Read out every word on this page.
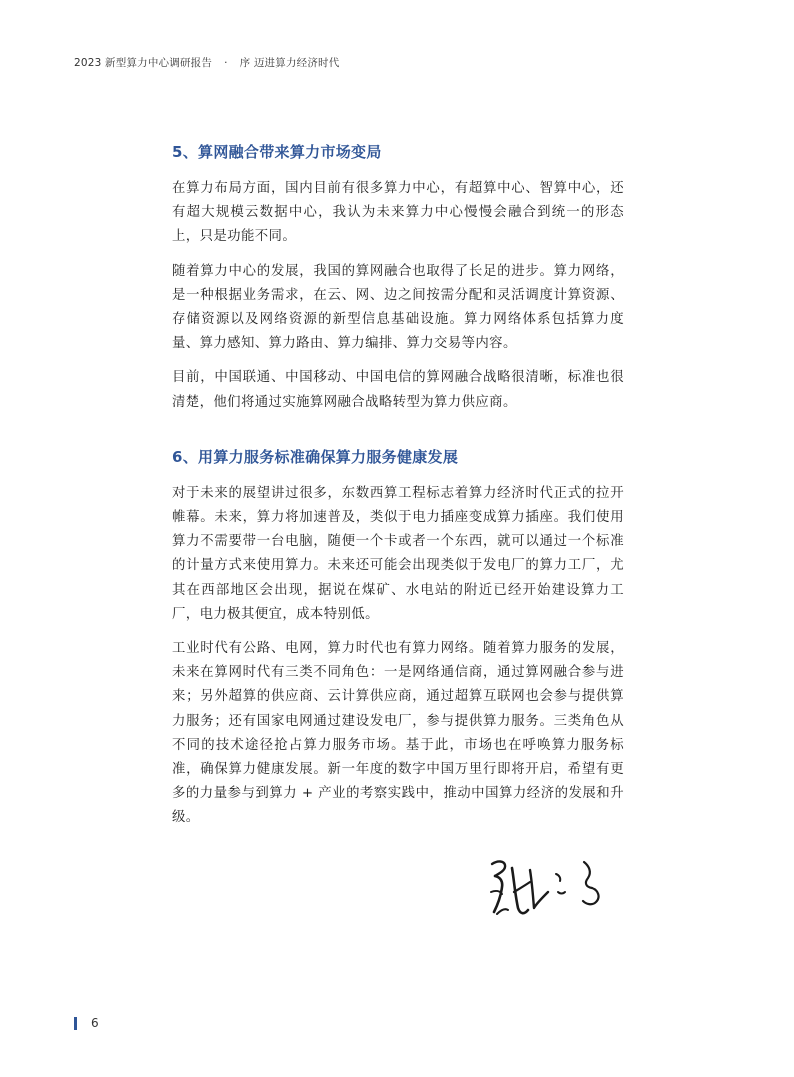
2023 新型算力中心调研报告 · 序 迈进算力经济时代
5、算网融合带来算力市场变局

在算力布局方面，国内目前有很多算力中心，有超算中心、智算中心，还有超大规模云数据中心，我认为未来算力中心慢慢会融合到统一的形态上，只是功能不同。

随着算力中心的发展，我国的算网融合也取得了长足的进步。算力网络，是一种根据业务需求，在云、网、边之间按需分配和灵活调度计算资源、存储资源以及网络资源的新型信息基础设施。算力网络体系包括算力度量、算力感知、算力路由、算力编排、算力交易等内容。

目前，中国联通、中国移动、中国电信的算网融合战略很清晰，标准也很清楚，他们将通过实施算网融合战略转型为算力供应商。

6、用算力服务标准确保算力服务健康发展

对于未来的展望讲过很多，东数西算工程标志着算力经济时代正式的拉开帷幕。未来，算力将加速普及，类似于电力插座变成算力插座。我们使用算力不需要带一台电脑，随便一个卡或者一个东西，就可以通过一个标准的计量方式来使用算力。未来还可能会出现类似于发电厂的算力工厂，尤其在西部地区会出现，据说在煤矿、水电站的附近已经开始建设算力工厂，电力极其便宜，成本特别低。

工业时代有公路、电网，算力时代也有算力网络。随着算力服务的发展，未来在算网时代有三类不同角色：一是网络通信商，通过算网融合参与进来；另外超算的供应商、云计算供应商，通过超算互联网也会参与提供算力服务；还有国家电网通过建设发电厂，参与提供算力服务。三类角色从不同的技术途径抢占算力服务市场。基于此，市场也在呼唤算力服务标准，确保算力健康发展。新一年度的数字中国万里行即将开启，希望有更多的力量参与到算力 + 产业的考察实践中，推动中国算力经济的发展和升级。

6
